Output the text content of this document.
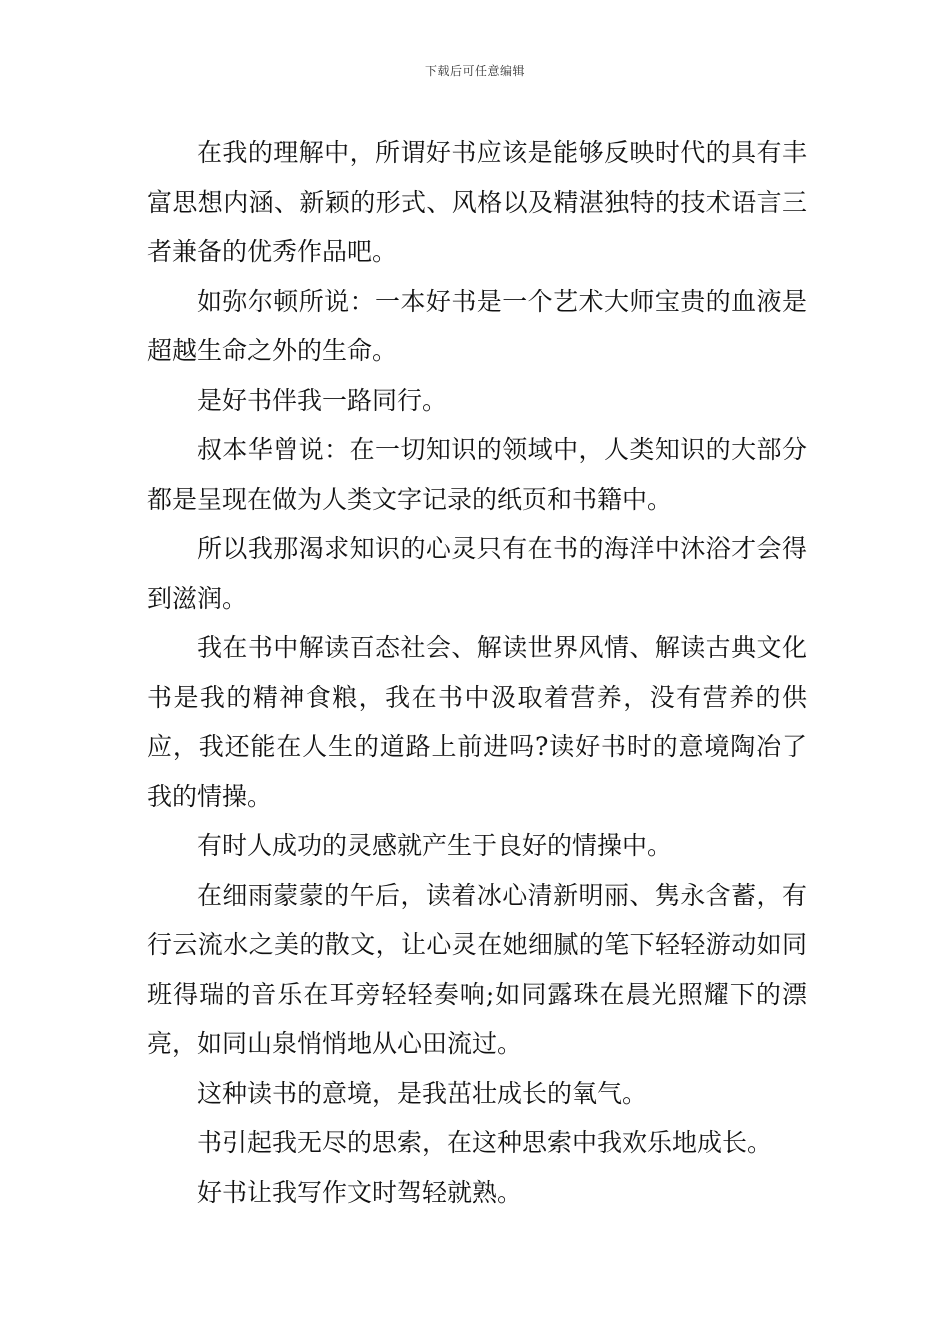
下载后可任意编辑

在我的理解中，所谓好书应该是能够反映时代的具有丰富思想内涵、新颖的形式、风格以及精湛独特的技术语言三者兼备的优秀作品吧。

如弥尔顿所说：一本好书是一个艺术大师宝贵的血液是超越生命之外的生命。

是好书伴我一路同行。

叔本华曾说：在一切知识的领域中，人类知识的大部分都是呈现在做为人类文字记录的纸页和书籍中。

所以我那渴求知识的心灵只有在书的海洋中沐浴才会得到滋润。

我在书中解读百态社会、解读世界风情、解读古典文化书是我的精神食粮，我在书中汲取着营养，没有营养的供应，我还能在人生的道路上前进吗?读好书时的意境陶冶了我的情操。

有时人成功的灵感就产生于良好的情操中。

在细雨蒙蒙的午后，读着冰心清新明丽、隽永含蓄，有行云流水之美的散文，让心灵在她细腻的笔下轻轻游动如同班得瑞的音乐在耳旁轻轻奏响;如同露珠在晨光照耀下的漂亮，如同山泉悄悄地从心田流过。

这种读书的意境，是我茁壮成长的氧气。

书引起我无尽的思索，在这种思索中我欢乐地成长。

好书让我写作文时驾轻就熟。
